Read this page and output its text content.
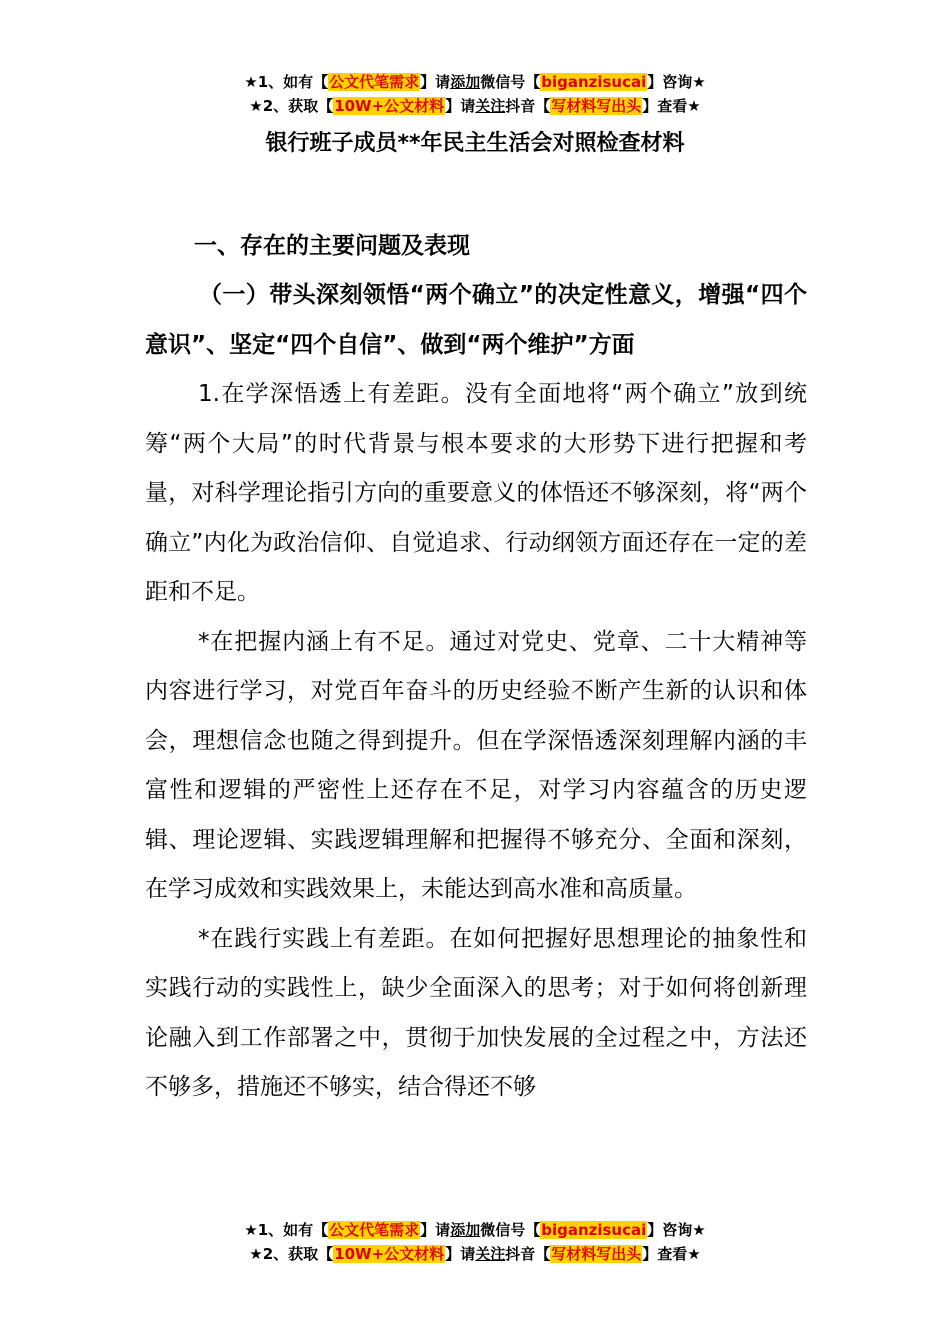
★1、如有【公文代笔需求】请添加微信号【biganzisucai】咨询★
★2、获取【10W+公文材料】请关注抖音【写材料写出头】查看★
银行班子成员**年民主生活会对照检查材料
一、存在的主要问题及表现
（一）带头深刻领悟“两个确立”的决定性意义，增强“四个意识”、坚定“四个自信”、做到“两个维护”方面

1.在学深悟透上有差距。没有全面地将“两个确立”放到统筹“两个大局”的时代背景与根本要求的大形势下进行把握和考量，对科学理论指引方向的重要意义的体悟还不够深刻，将“两个确立”内化为政治信仰、自觉追求、行动纲领方面还存在一定的差距和不足。

*在把握内涵上有不足。通过对党史、党章、二十大精神等内容进行学习，对党百年奋斗的历史经验不断产生新的认识和体会，理想信念也随之得到提升。但在学深悟透深刻理解内涵的丰富性和逻辑的严密性上还存在不足，对学习内容蕴含的历史逻辑、理论逻辑、实践逻辑理解和把握得不够充分、全面和深刻，在学习成效和实践效果上，未能达到高水准和高质量。

*在践行实践上有差距。在如何把握好思想理论的抽象性和实践行动的实践性上，缺少全面深入的思考；对于如何将创新理论融入到工作部署之中，贯彻于加快发展的全过程之中，方法还不够多，措施还不够实，结合得还不够

★1、如有【公文代笔需求】请添加微信号【biganzisucai】咨询★
★2、获取【10W+公文材料】请关注抖音【写材料写出头】查看★
